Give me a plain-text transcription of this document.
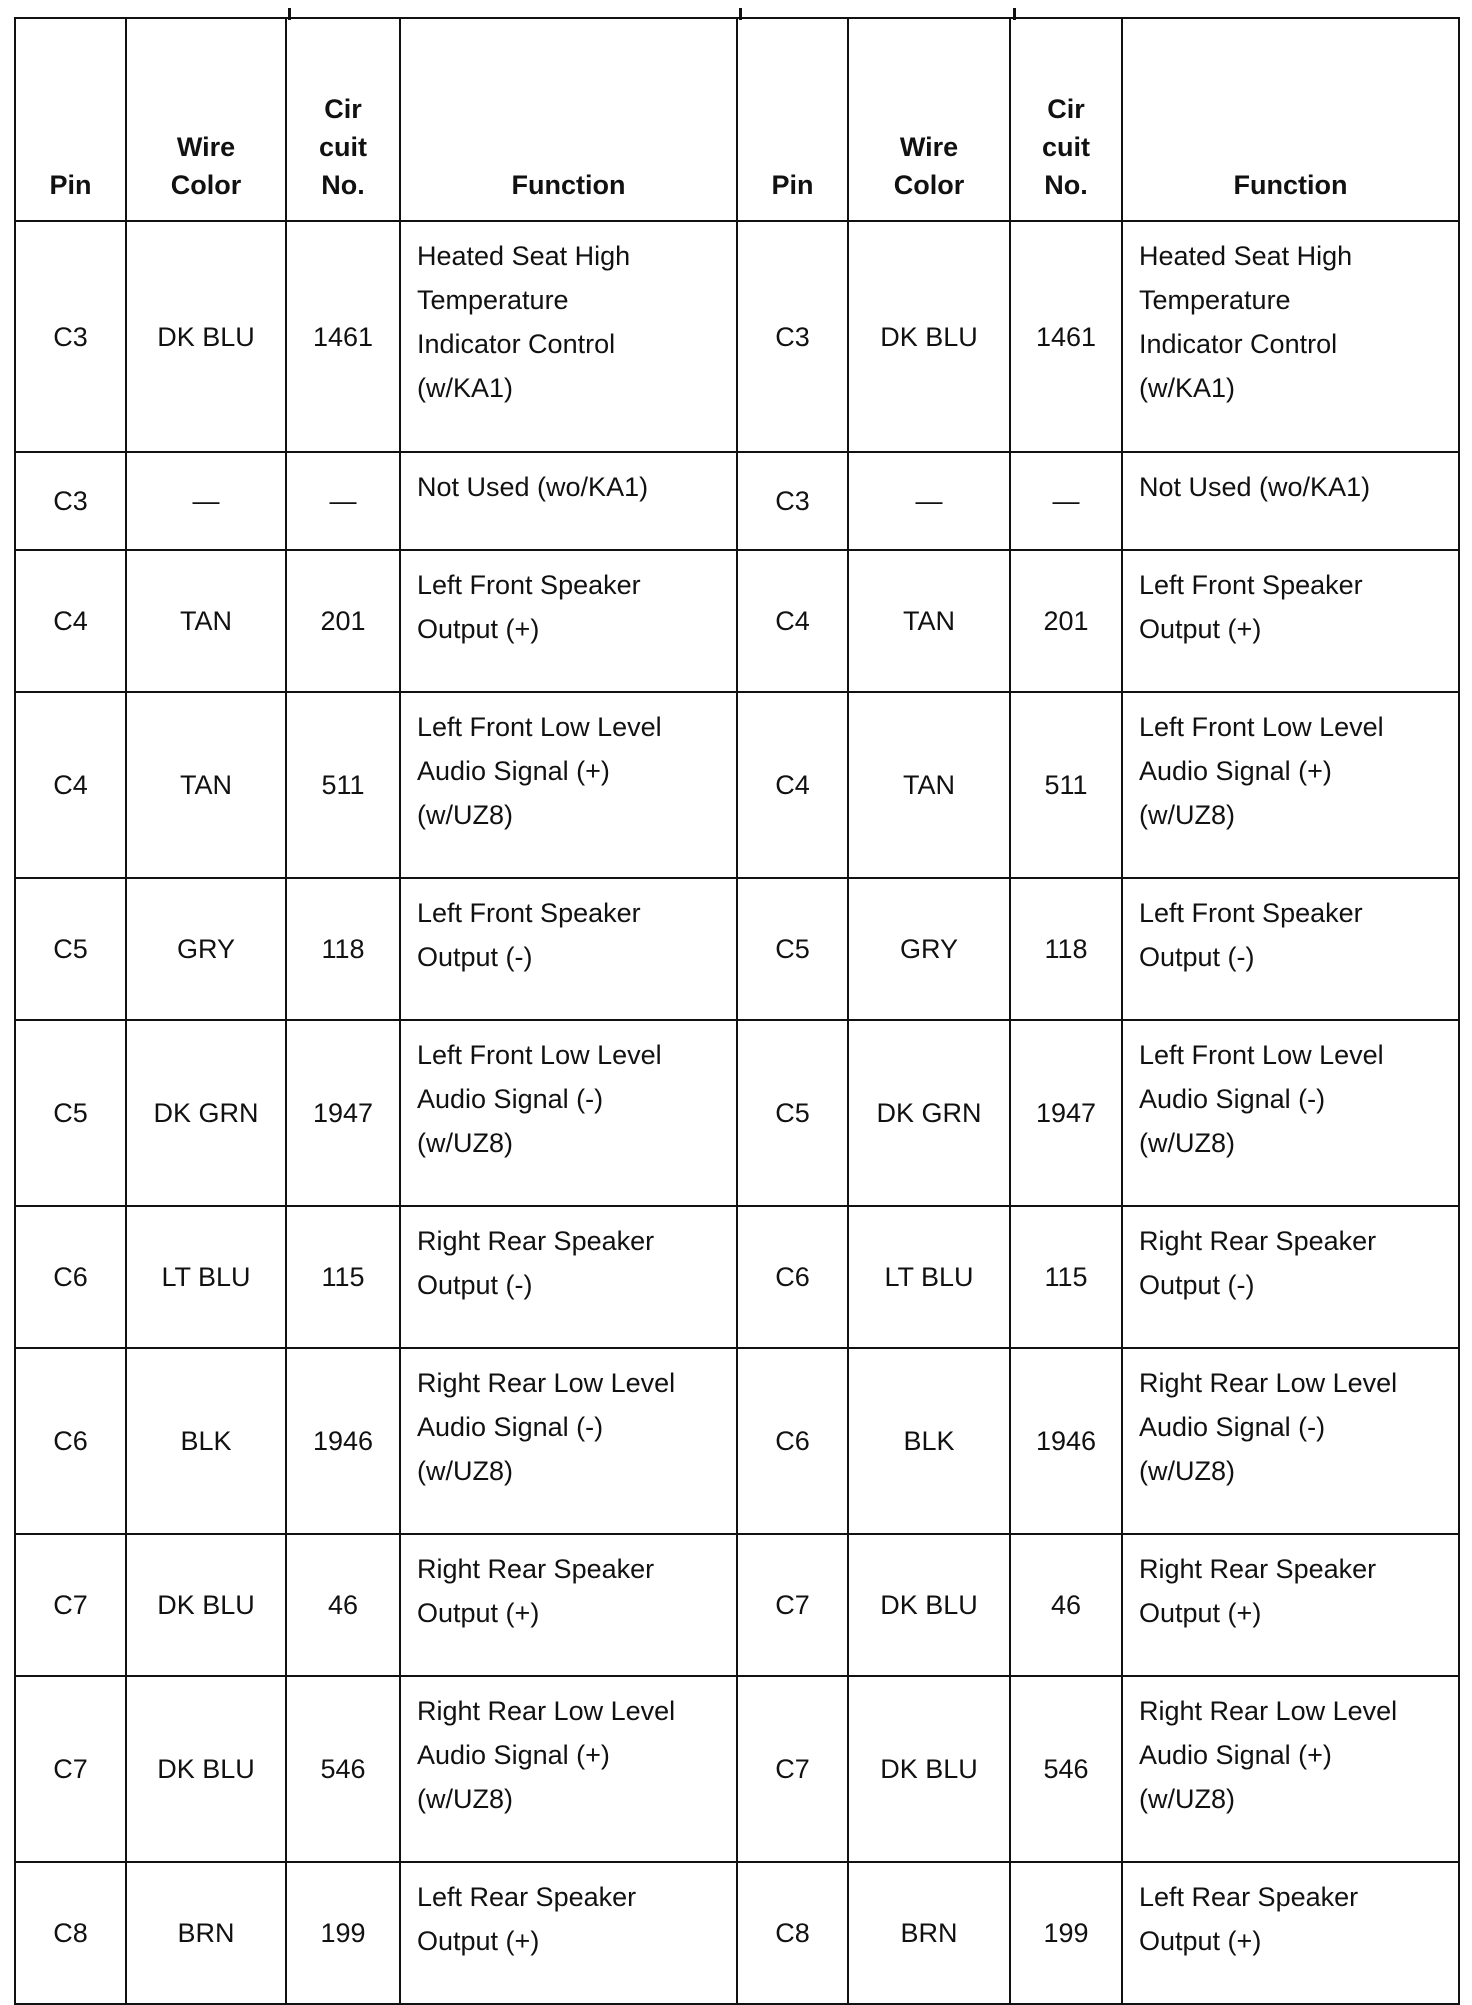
Pin	Wire
Color	Cir
cuit
No.	Function	Pin	Wire
Color	Cir
cuit
No.	Function

C3	DK BLU	1461	Heated Seat High
Temperature
Indicator Control
(w/KA1)	C3	DK BLU	1461	Heated Seat High
Temperature
Indicator Control
(w/KA1)

C3	—	—	Not Used (wo/KA1)	C3	—	—	Not Used (wo/KA1)

C4	TAN	201	Left Front Speaker
Output (+)	C4	TAN	201	Left Front Speaker
Output (+)

C4	TAN	511	Left Front Low Level
Audio Signal (+)
(w/UZ8)	C4	TAN	511	Left Front Low Level
Audio Signal (+)
(w/UZ8)

C5	GRY	118	Left Front Speaker
Output (-)	C5	GRY	118	Left Front Speaker
Output (-)

C5	DK GRN	1947	Left Front Low Level
Audio Signal (-)
(w/UZ8)	C5	DK GRN	1947	Left Front Low Level
Audio Signal (-)
(w/UZ8)

C6	LT BLU	115	Right Rear Speaker
Output (-)	C6	LT BLU	115	Right Rear Speaker
Output (-)

C6	BLK	1946	Right Rear Low Level
Audio Signal (-)
(w/UZ8)	C6	BLK	1946	Right Rear Low Level
Audio Signal (-)
(w/UZ8)

C7	DK BLU	46	Right Rear Speaker
Output (+)	C7	DK BLU	46	Right Rear Speaker
Output (+)

C7	DK BLU	546	Right Rear Low Level
Audio Signal (+)
(w/UZ8)	C7	DK BLU	546	Right Rear Low Level
Audio Signal (+)
(w/UZ8)

C8	BRN	199	Left Rear Speaker
Output (+)	C8	BRN	199	Left Rear Speaker
Output (+)
